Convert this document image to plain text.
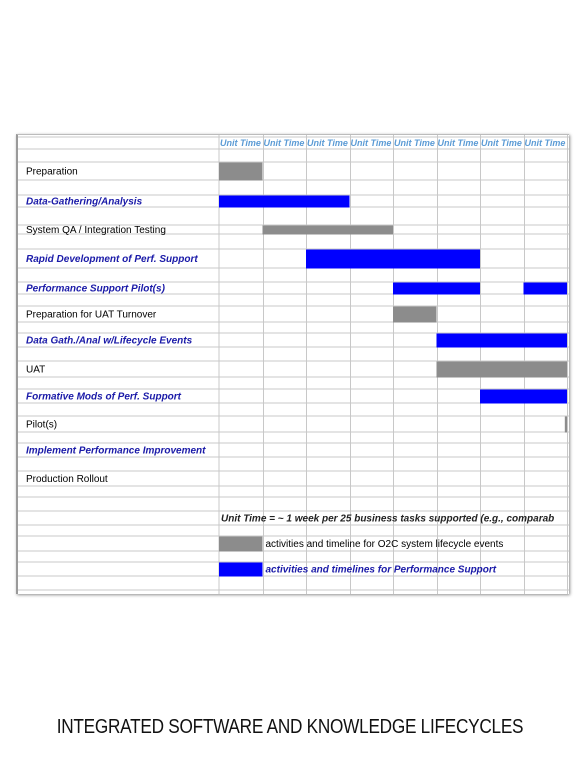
Unit Time Unit Time Unit Time Unit Time Unit Time Unit Time Unit Time Unit Time
Preparation
Data-Gathering/Analysis
System QA / Integration Testing
Rapid Development of Perf. Support
Performance Support Pilot(s)
Preparation for UAT Turnover
Data Gath./Anal w/Lifecycle Events
UAT
Formative Mods of Perf. Support
Pilot(s)
Implement Performance Improvement
Production Rollout
Unit Time = ~ 1 week per 25 business tasks supported (e.g., comparab
activities and timeline for O2C system lifecycle events
activities and timelines for Performance Support
INTEGRATED SOFTWARE AND KNOWLEDGE LIFECYCLES
